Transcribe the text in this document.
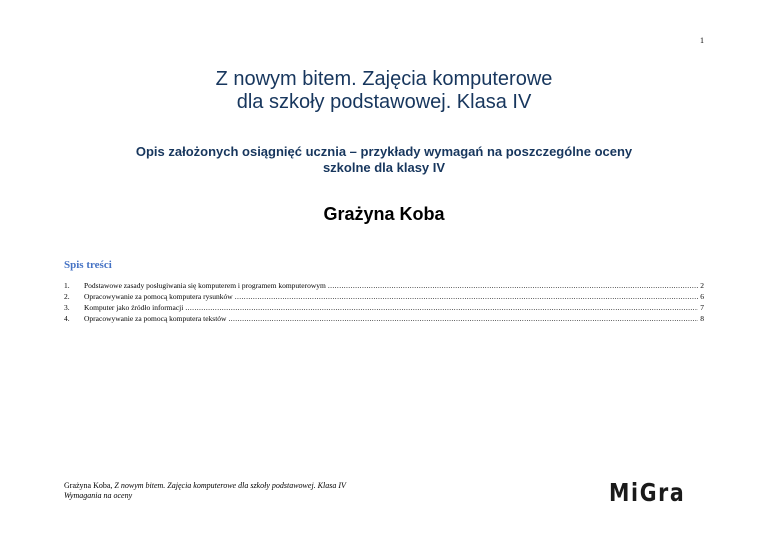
1
Z nowym bitem. Zajęcia komputerowe
dla szkoły podstawowej. Klasa IV
Opis założonych osiągnięć ucznia – przykłady wymagań na poszczególne oceny
szkolne dla klasy IV
Grażyna Koba
Spis treści
1.	Podstawowe zasady posługiwania się komputerem i programem komputerowym .....	2
2.	Opracowywanie za pomocą komputera rysunków .....	6
3.	Komputer jako źródło informacji .....	7
4.	Opracowywanie za pomocą komputera tekstów .....	8
Grażyna Koba, Z nowym bitem. Zajęcia komputerowe dla szkoły podstawowej. Klasa IV
Wymagania na oceny	MiGra
